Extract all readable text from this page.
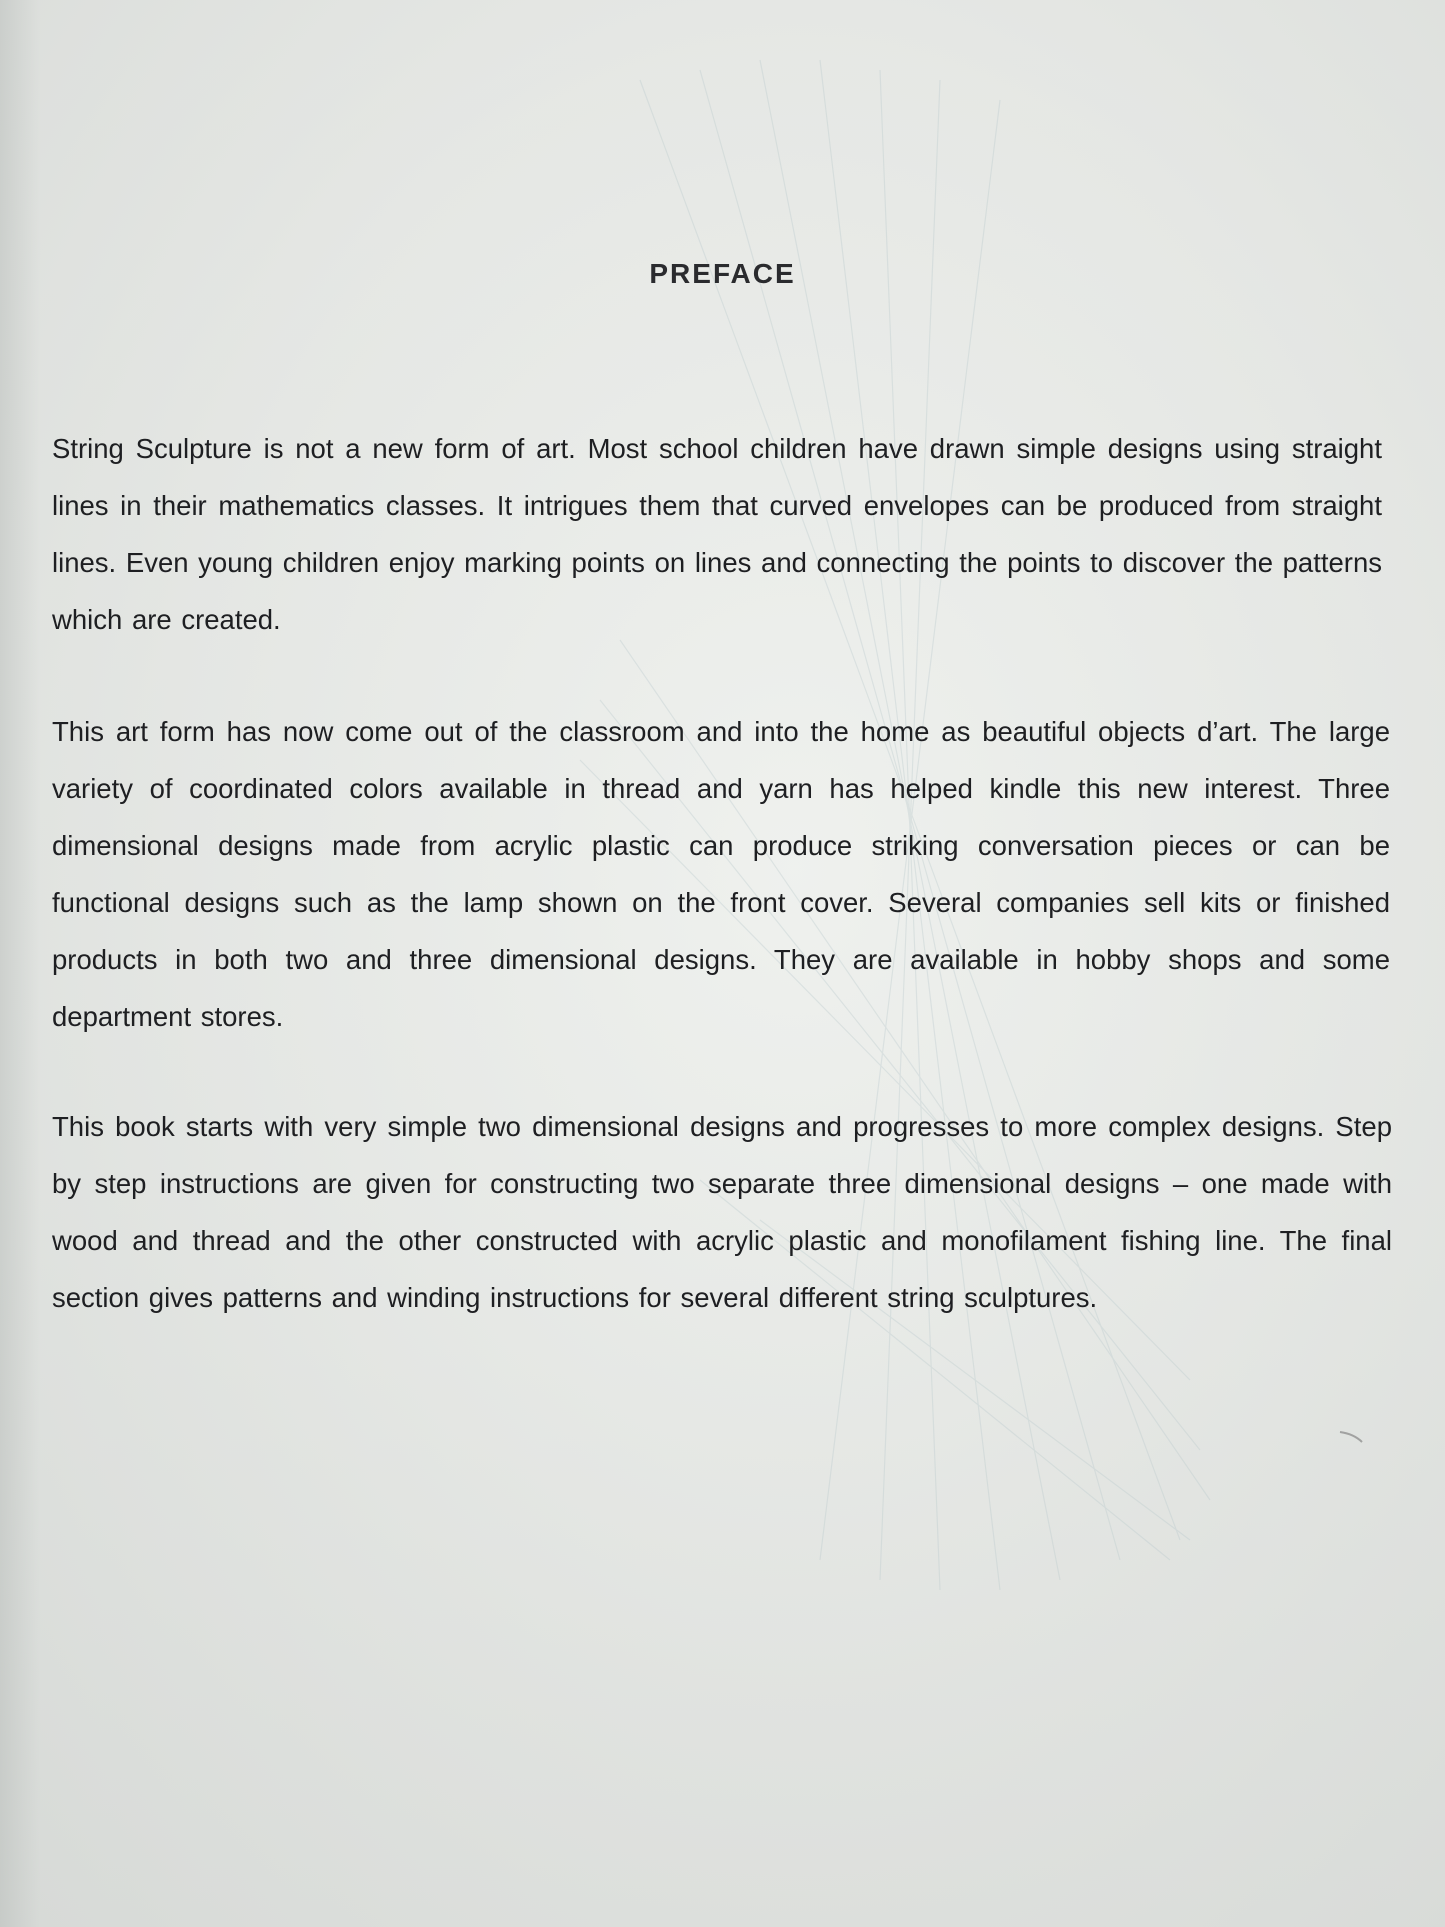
PREFACE

String Sculpture is not a new form of art. Most school children have drawn simple designs using straight lines in their mathematics classes. It intrigues them that curved envelopes can be produced from straight lines. Even young children enjoy marking points on lines and connecting the points to discover the patterns which are created.

This art form has now come out of the classroom and into the home as beautiful objects d’art. The large variety of coordinated colors available in thread and yarn has helped kindle this new interest. Three dimensional designs made from acrylic plastic can produce striking conversation pieces or can be functional designs such as the lamp shown on the front cover. Several companies sell kits or finished products in both two and three dimensional designs. They are available in hobby shops and some department stores.

This book starts with very simple two dimensional designs and progresses to more complex designs. Step by step instructions are given for constructing two separate three dimensional designs – one made with wood and thread and the other constructed with acrylic plastic and monofilament fishing line. The final section gives patterns and winding instructions for several different string sculptures.
